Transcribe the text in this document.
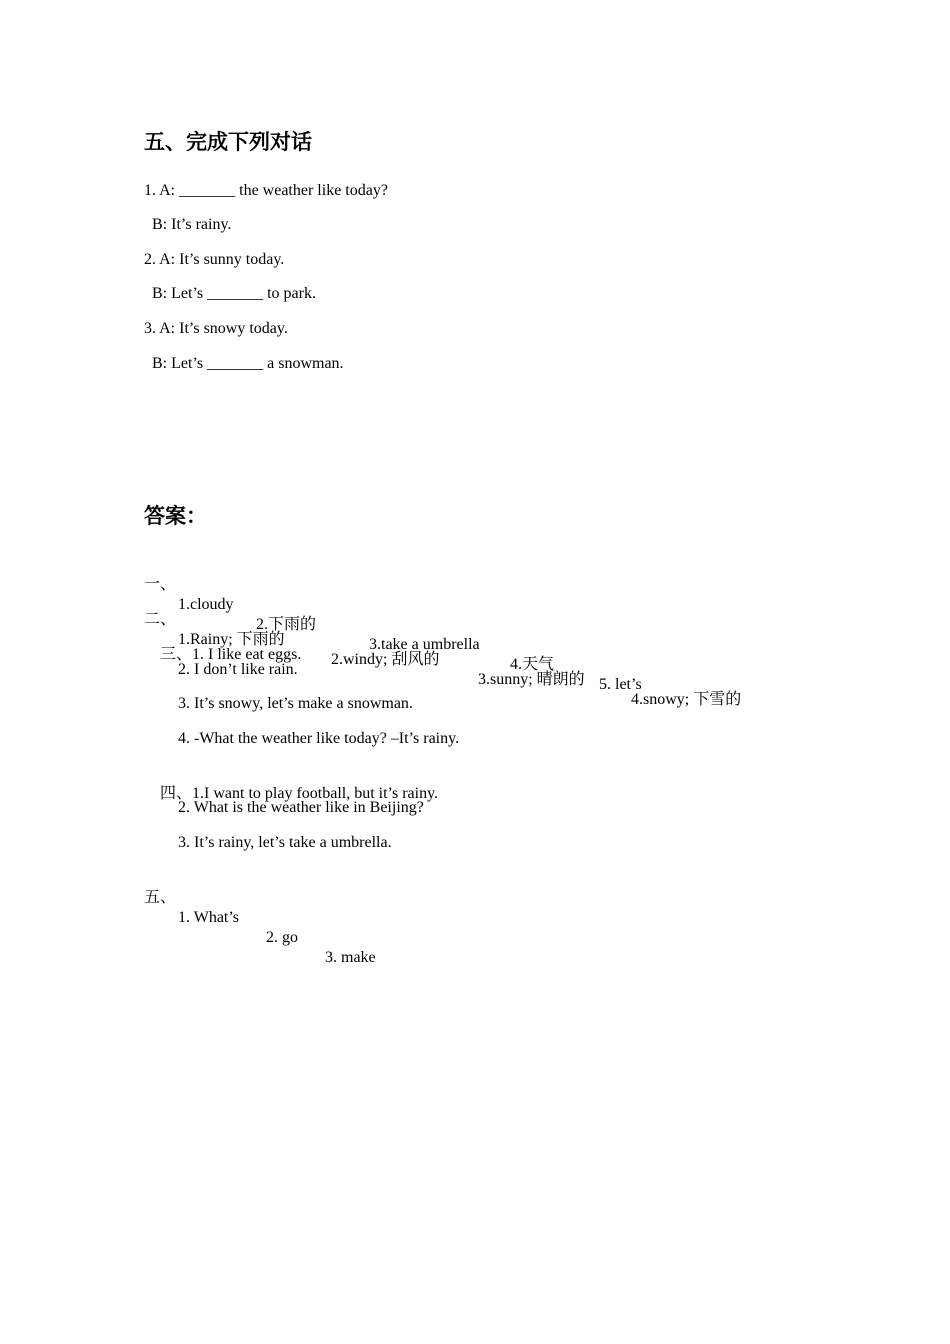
五、完成下列对话
1. A: _______ the weather like today?
B: It’s rainy.
2. A: It’s sunny today.
B: Let’s _______ to park.
3. A: It’s snowy today.
B: Let’s _______ a snowman.
答案：

一、

1.cloudy

2.下雨的

3.take a umbrella

4.天气

5. let’s

二、

1.Rainy; 下雨的

2.windy; 刮风的

3.sunny; 晴朗的

4.snowy; 下雪的

三、1. I like eat eggs.

2. I don’t like rain.
3. It’s snowy, let’s make a snowman.
4. -What the weather like today? –It’s rainy.

四、1.I want to play football, but it’s rainy.

2. What is the weather like in Beijing?
3. It’s rainy, let’s take a umbrella.

五、

1. What’s

2. go

3. make
